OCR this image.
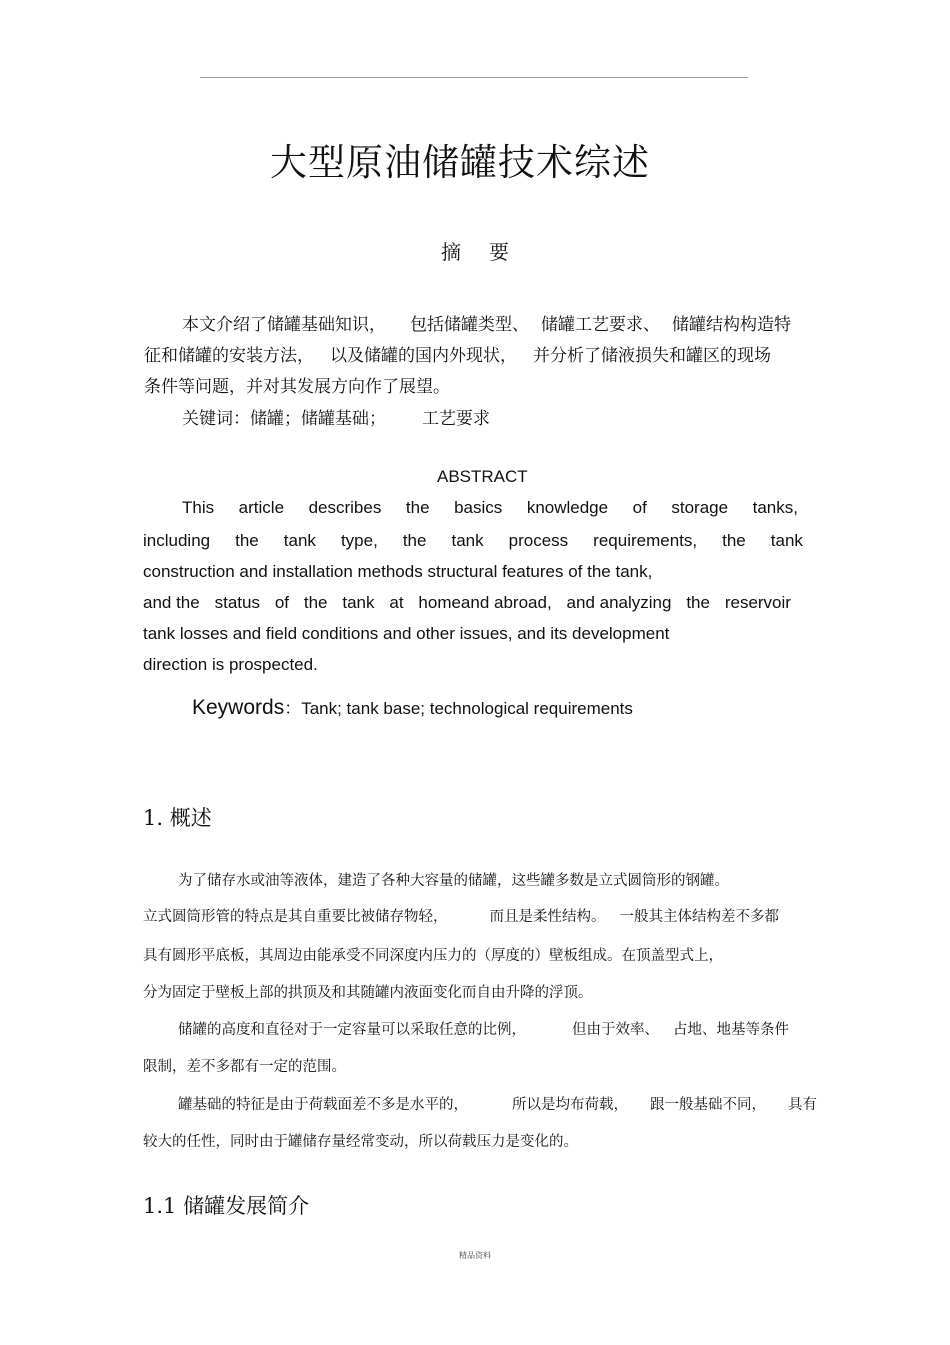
大型原油储罐技术综述
摘要
本文介绍了储罐基础知识， 包括储罐类型、 储罐工艺要求、 储罐结构构造特
征和储罐的安装方法， 以及储罐的国内外现状， 并分析了储液损失和罐区的现场
条件等问题，并对其发展方向作了展望。
关键词：储罐；储罐基础； 工艺要求
ABSTRACT
This article describes the basics knowledge of storage tanks,
including the tank type, the tank process requirements, the tank
construction and installation methods structural features of the tank,
and the status of the tank at homeand abroad, and analyzing the reservoir
tank losses and field conditions and other issues, and its development
direction is prospected.
Keywords：Tank; tank base; technological requirements
1. 概述
为了储存水或油等液体，建造了各种大容量的储罐，这些罐多数是立式圆筒形的钢罐。
立式圆筒形管的特点是其自重要比被储存物轻，	而且是柔性结构。 一般其主体结构差不多都
具有圆形平底板，其周边由能承受不同深度内压力的（厚度的）壁板组成。在顶盖型式上，
分为固定于壁板上部的拱顶及和其随罐内液面变化而自由升降的浮顶。
储罐的高度和直径对于一定容量可以采取任意的比例，	但由于效率、 占地、地基等条件
限制，差不多都有一定的范围。
罐基础的特征是由于荷载面差不多是水平的，	所以是均布荷载， 跟一般基础不同， 具有
较大的任性，同时由于罐储存量经常变动，所以荷载压力是变化的。
1.1 储罐发展简介
精品资料
